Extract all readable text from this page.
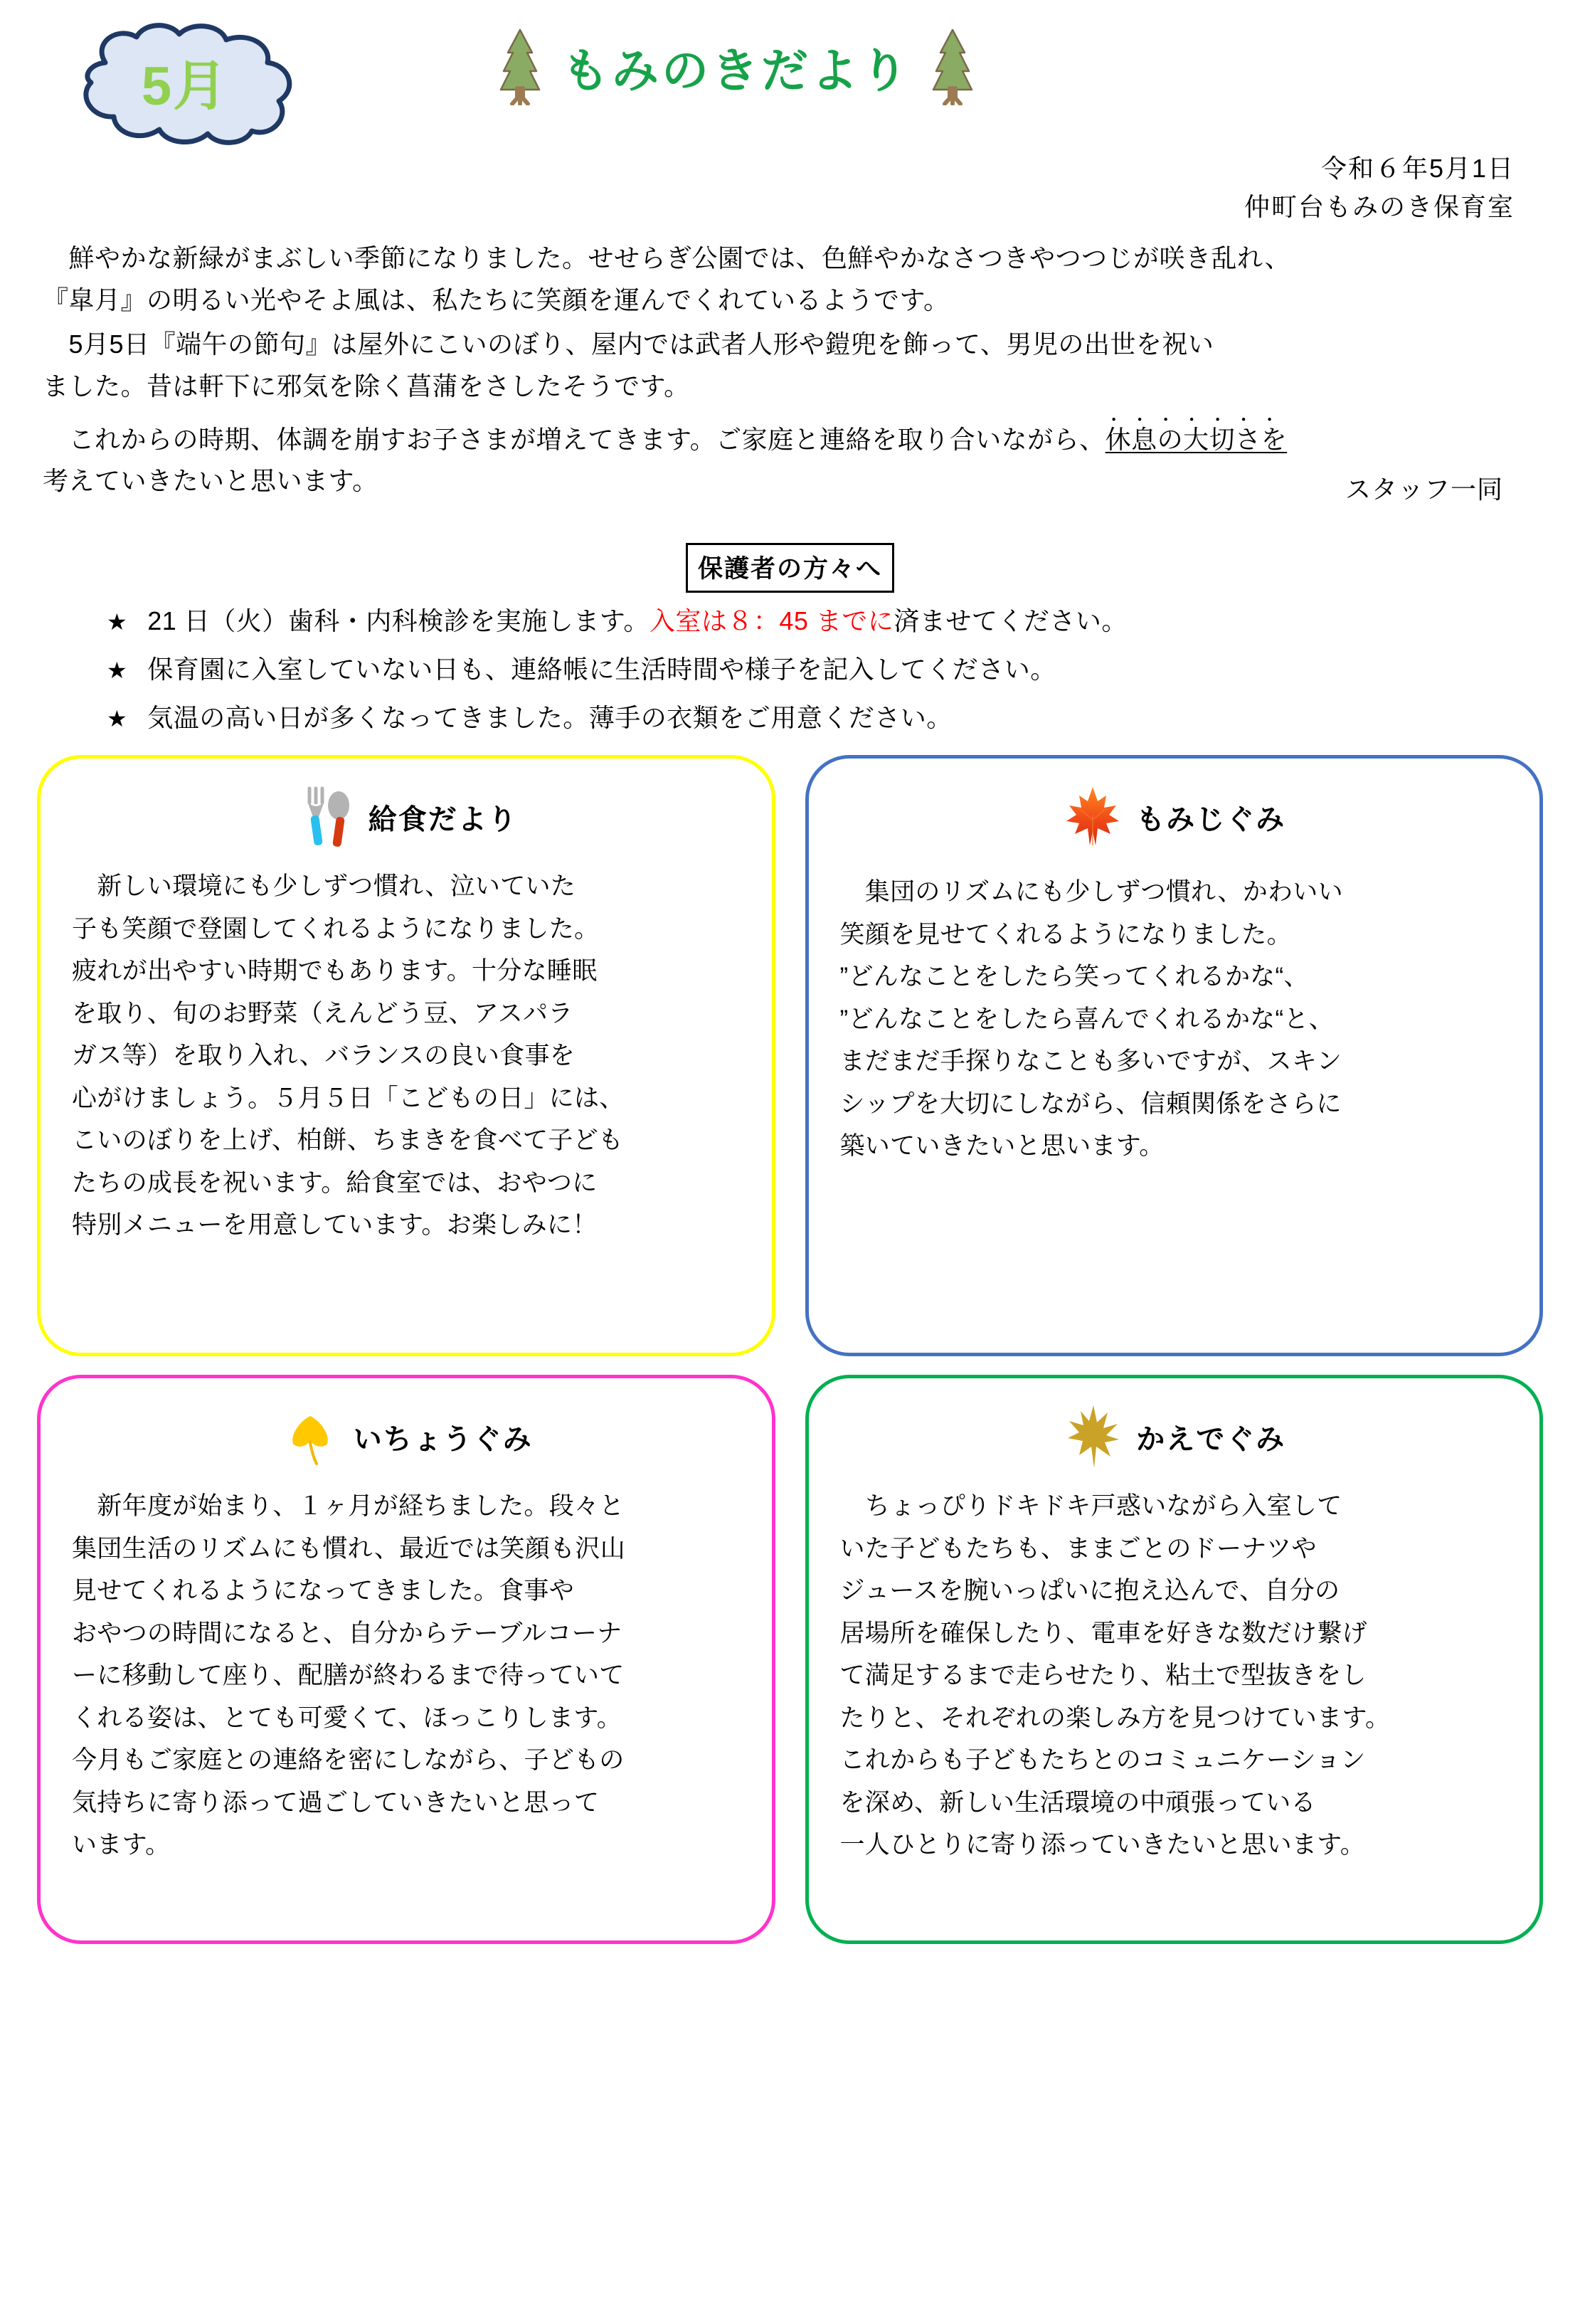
5月	もみのきだより
令和６年5月1日
仲町台もみのき保育室

　鮮やかな新緑がまぶしい季節になりました。せせらぎ公園では、色鮮やかなさつきやつつじが咲き乱れ、
『皐月』の明るい光やそよ風は、私たちに笑顔を運んでくれているようです。

　5月5日『端午の節句』は屋外にこいのぼり、屋内では武者人形や鎧兜を飾って、男児の出世を祝い
ました。昔は軒下に邪気を除く菖蒲をさしたそうです。

　これからの時期、体調を崩すお子さまが増えてきます。ご家庭と連絡を取り合いながら、・・・・・・・ 休息の大切さを
考えていきたいと思います。	スタッフ一同
保護者の方々へ
★ 21 日（火）歯科・内科検診を実施します。入室は８：45 までに済ませてください。
★ 保育園に入室していない日も、連絡帳に生活時間や様子を記入してください。
★ 気温の高い日が多くなってきました。薄手の衣類をご用意ください。
給食だより

　新しい環境にも少しずつ慣れ、泣いていた

子も笑顔で登園してくれるようになりました。

疲れが出やすい時期でもあります。十分な睡眠

を取り、旬のお野菜（えんどう豆、アスパラ

ガス等）を取り入れ、バランスの良い食事を

心がけましょう。５月５日「こどもの日」には、

こいのぼりを上げ、柏餅、ちまきを食べて子ども

たちの成長を祝います。給食室では、おやつに

特別メニューを用意しています。お楽しみに！

もみじぐみ

　集団のリズムにも少しずつ慣れ、かわいい

笑顔を見せてくれるようになりました。

”どんなことをしたら笑ってくれるかな“、

”どんなことをしたら喜んでくれるかな“と、

まだまだ手探りなことも多いですが、スキン

シップを大切にしながら、信頼関係をさらに

築いていきたいと思います。

いちょうぐみ

　新年度が始まり、１ヶ月が経ちました。段々と

集団生活のリズムにも慣れ、最近では笑顔も沢山

見せてくれるようになってきました。食事や

おやつの時間になると、自分からテーブルコーナ

ーに移動して座り、配膳が終わるまで待っていて

くれる姿は、とても可愛くて、ほっこりします。

今月もご家庭との連絡を密にしながら、子どもの

気持ちに寄り添って過ごしていきたいと思って

います。

かえでぐみ

　ちょっぴりドキドキ戸惑いながら入室して

いた子どもたちも、ままごとのドーナツや

ジュースを腕いっぱいに抱え込んで、自分の

居場所を確保したり、電車を好きな数だけ繋げ

て満足するまで走らせたり、粘土で型抜きをし

たりと、それぞれの楽しみ方を見つけています。

これからも子どもたちとのコミュニケーション

を深め、新しい生活環境の中頑張っている

一人ひとりに寄り添っていきたいと思います。
